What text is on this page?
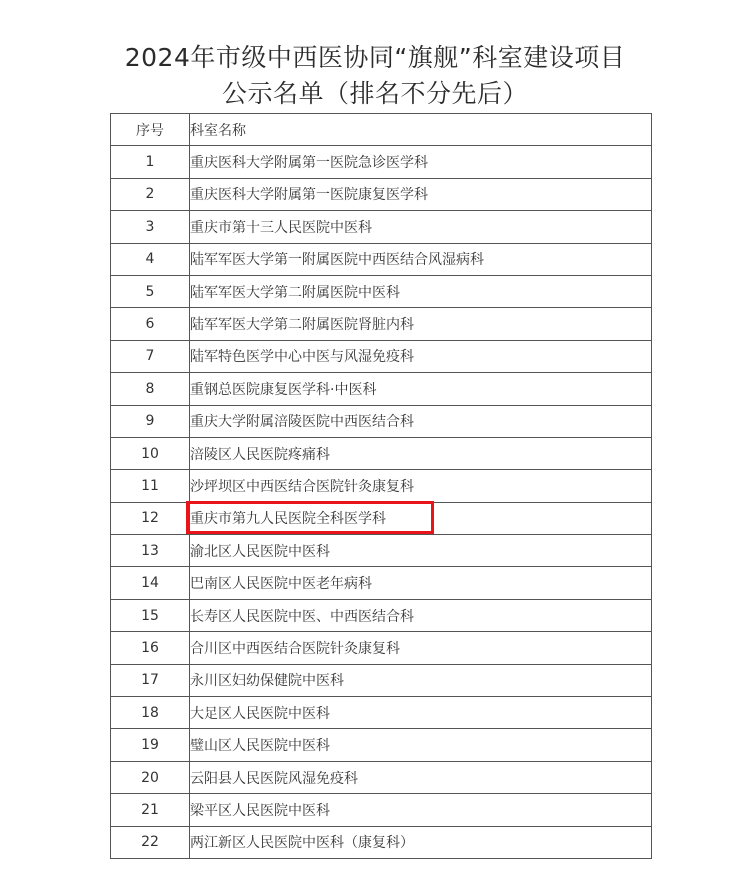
2024年市级中西医协同“旗舰”科室建设项目
公示名单（排名不分先后）
序号	科室名称
1	重庆医科大学附属第一医院急诊医学科
2	重庆医科大学附属第一医院康复医学科
3	重庆市第十三人民医院中医科
4	陆军军医大学第一附属医院中西医结合风湿病科
5	陆军军医大学第二附属医院中医科
6	陆军军医大学第二附属医院肾脏内科
7	陆军特色医学中心中医与风湿免疫科
8	重钢总医院康复医学科·中医科
9	重庆大学附属涪陵医院中西医结合科
10	涪陵区人民医院疼痛科
11	沙坪坝区中西医结合医院针灸康复科
12	重庆市第九人民医院全科医学科
13	渝北区人民医院中医科
14	巴南区人民医院中医老年病科
15	长寿区人民医院中医、中西医结合科
16	合川区中西医结合医院针灸康复科
17	永川区妇幼保健院中医科
18	大足区人民医院中医科
19	璧山区人民医院中医科
20	云阳县人民医院风湿免疫科
21	梁平区人民医院中医科
22	两江新区人民医院中医科（康复科）
